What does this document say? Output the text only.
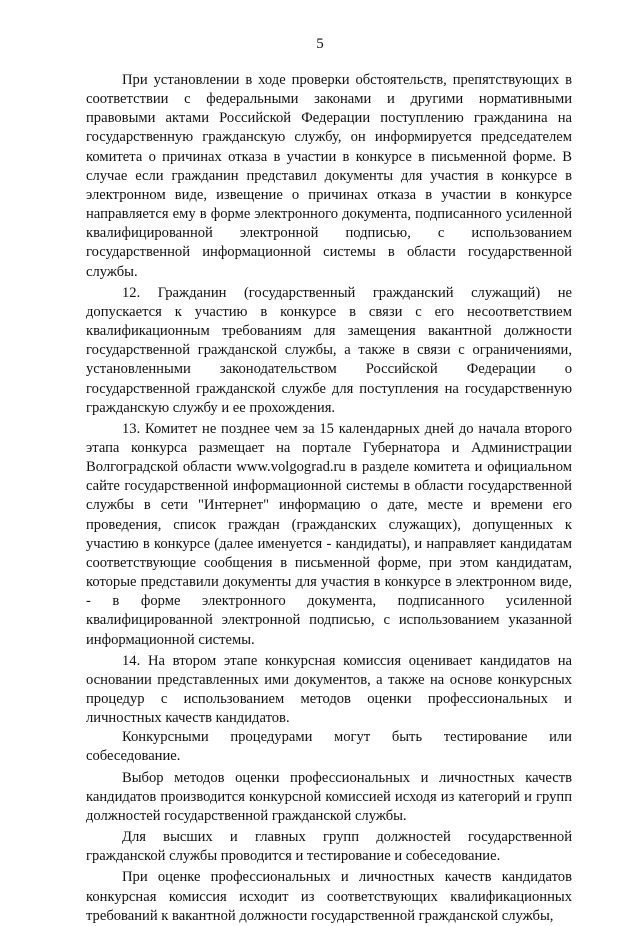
5

При установлении в ходе проверки обстоятельств, препятствующих в соответствии с федеральными законами и другими нормативными правовыми актами Российской Федерации поступлению гражданина на государственную гражданскую службу, он информируется председателем комитета о причинах отказа в участии в конкурсе в письменной форме. В случае если гражданин представил документы для участия в конкурсе в электронном виде, извещение о причинах отказа в участии в конкурсе направляется ему в форме электронного документа, подписанного усиленной квалифицированной электронной подписью, с использованием государственной информационной системы в области государственной службы.

12. Гражданин (государственный гражданский служащий) не допускается к участию в конкурсе в связи с его несоответствием квалификационным требованиям для замещения вакантной должности государственной гражданской службы, а также в связи с ограничениями, установленными законодательством Российской Федерации о государственной гражданской службе для поступления на государственную гражданскую службу и ее прохождения.

13. Комитет не позднее чем за 15 календарных дней до начала второго этапа конкурса размещает на портале Губернатора и Администрации Волгоградской области www.volgograd.ru в разделе комитета и официальном сайте государственной информационной системы в области государственной службы в сети "Интернет" информацию о дате, месте и времени его проведения, список граждан (гражданских служащих), допущенных к участию в конкурсе (далее именуется - кандидаты), и направляет кандидатам соответствующие сообщения в письменной форме, при этом кандидатам, которые представили документы для участия в конкурсе в электронном виде, - в форме электронного документа, подписанного усиленной квалифицированной электронной подписью, с использованием указанной информационной системы.

14. На втором этапе конкурсная комиссия оценивает кандидатов на основании представленных ими документов, а также на основе конкурсных процедур с использованием методов оценки профессиональных и личностных качеств кандидатов.

Конкурсными процедурами могут быть тестирование или собеседование.

Выбор методов оценки профессиональных и личностных качеств кандидатов производится конкурсной комиссией исходя из категорий и групп должностей государственной гражданской службы.

Для высших и главных групп должностей государственной гражданской службы проводится и тестирование и собеседование.

При оценке профессиональных и личностных качеств кандидатов конкурсная комиссия исходит из соответствующих квалификационных требований к вакантной должности государственной гражданской службы,
